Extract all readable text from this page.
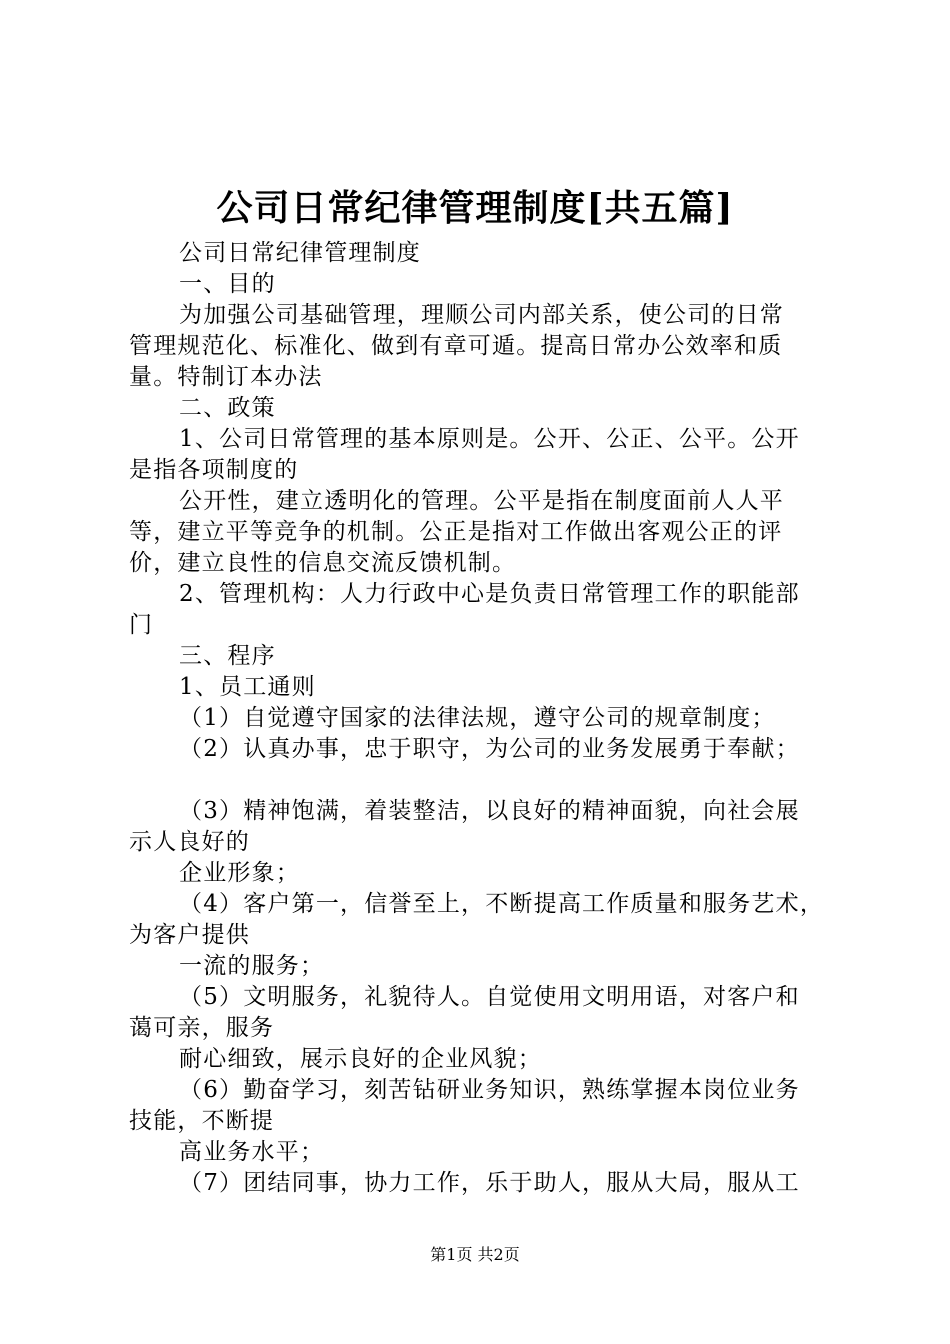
公司日常纪律管理制度[共五篇]
公司日常纪律管理制度
一、目的
为加强公司基础管理，理顺公司内部关系，使公司的日常
管理规范化、标准化、做到有章可遁。提高日常办公效率和质
量。特制订本办法
二、政策
1、公司日常管理的基本原则是。公开、公正、公平。公开
是指各项制度的
公开性，建立透明化的管理。公平是指在制度面前人人平
等，建立平等竞争的机制。公正是指对工作做出客观公正的评
价，建立良性的信息交流反馈机制。
2、管理机构：人力行政中心是负责日常管理工作的职能部
门
三、程序
1、员工通则
（1）自觉遵守国家的法律法规，遵守公司的规章制度；
（2）认真办事，忠于职守，为公司的业务发展勇于奉献；
（3）精神饱满，着装整洁，以良好的精神面貌，向社会展
示人良好的
企业形象；
（4）客户第一，信誉至上，不断提高工作质量和服务艺术，
为客户提供
一流的服务；
（5）文明服务，礼貌待人。自觉使用文明用语，对客户和
蔼可亲，服务
耐心细致，展示良好的企业风貌；
（6）勤奋学习，刻苦钻研业务知识，熟练掌握本岗位业务
技能，不断提
高业务水平；
（7）团结同事，协力工作，乐于助人，服从大局，服从工
第1页 共2页
